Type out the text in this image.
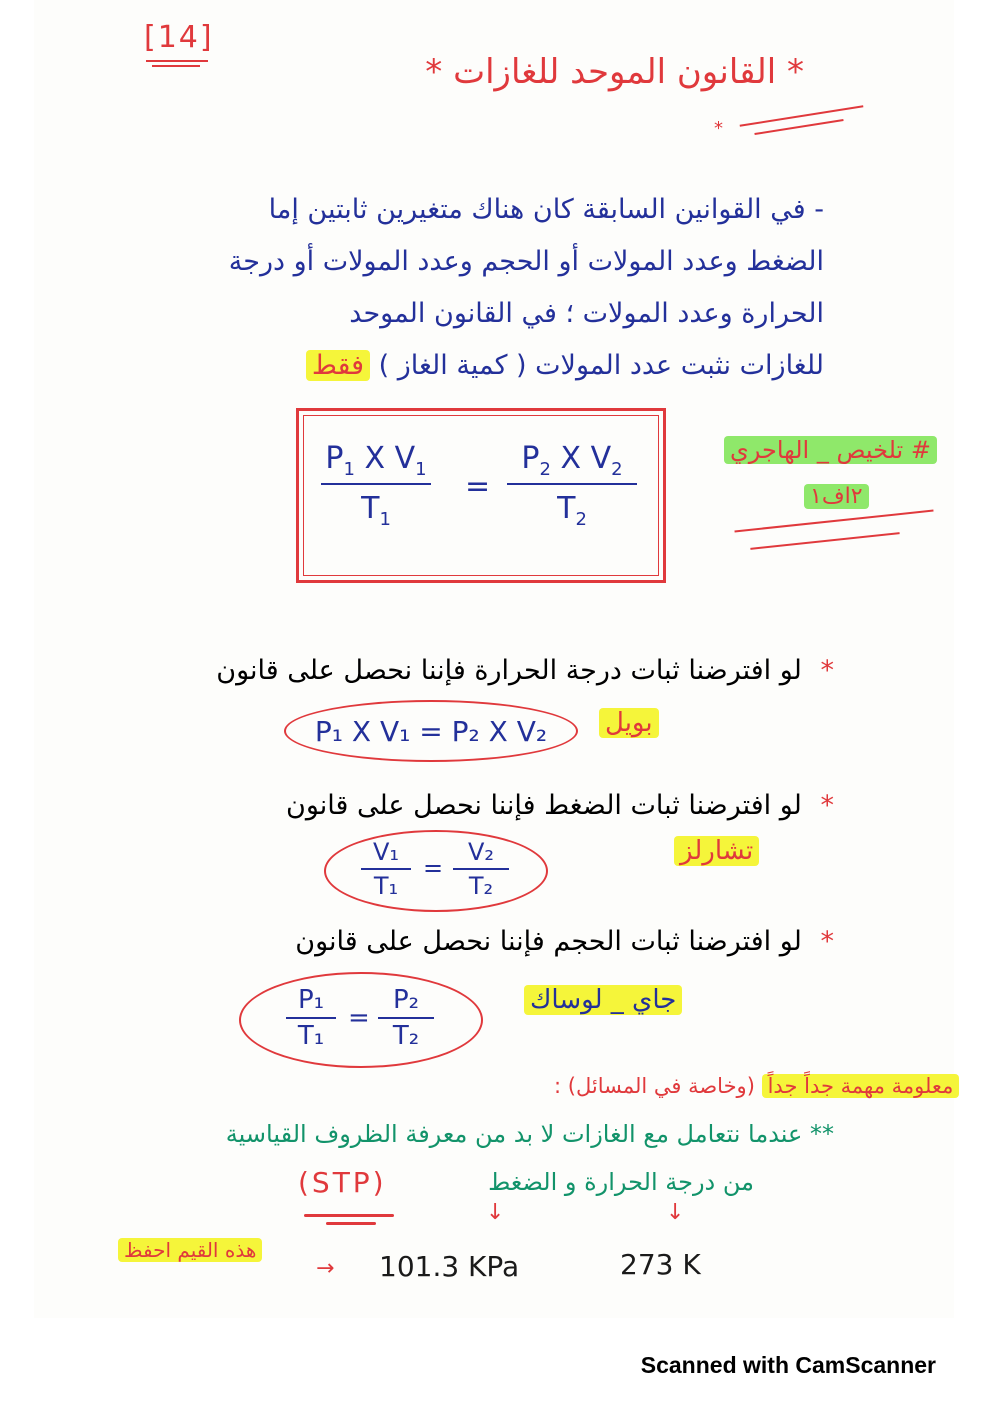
[14]
* القانون الموحد للغازات *
*
- في القوانين السابقة كان هناك متغيرين ثابتين إما
الضغط وعدد المولات أو الحجم وعدد المولات أو درجة
الحرارة وعدد المولات ؛ في القانون الموحد
للغازات نثبت عدد المولات ( كمية الغاز ) فقط
$P_1$ X $V_1$
$T_1$
=
$P_2$ X $V_2$
$T_2$
# تلخيص _ الهاجري
٢اف١
* لو افترضنا ثبات درجة الحرارة فإننا نحصل على قانون
P₁ X V₁ = P₂ X V₂ بويل
* لو افترضنا ثبات الضغط فإننا نحصل على قانون
V₁
T₁
=
V₂
T₂
تشارلز
* لو افترضنا ثبات الحجم فإننا نحصل على قانون
P₁
T₁
=
P₂
T₂
جاي _ لوساك
معلومة مهمة جداً جداً (وخاصة في المسائل) :
** عندما نتعامل مع الغازات لا بد من معرفة الظروف القياسية
من درجة الحرارة و الضغط
(STP)
↓	↓
هذه القيم احفظ
→ 101.3 KPa	273 K
Scanned with CamScanner
